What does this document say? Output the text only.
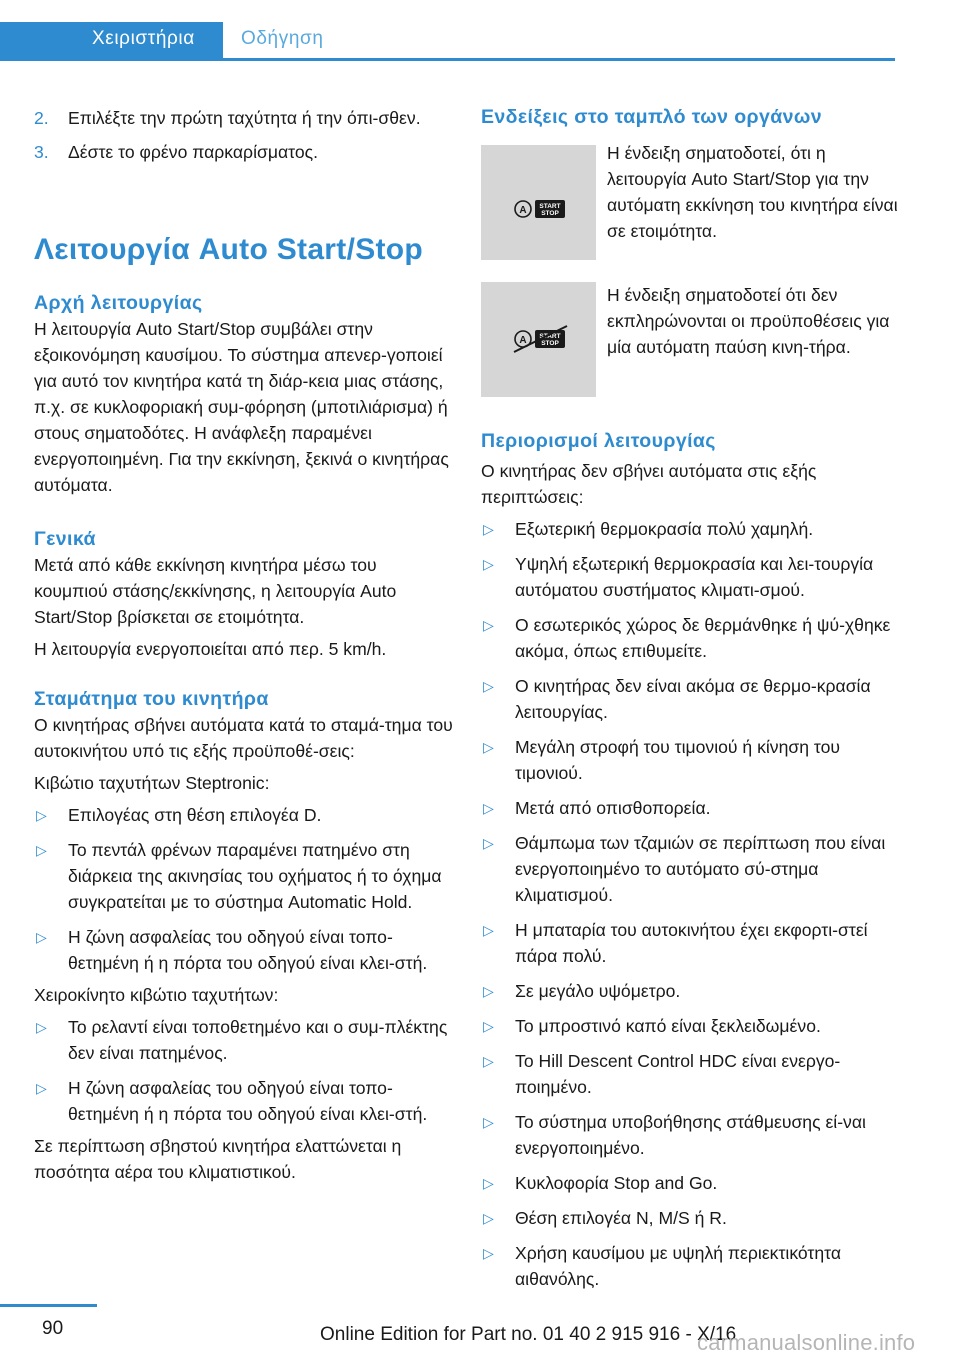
Χειριστήρια	Οδήγηση
2. Επιλέξτε την πρώτη ταχύτητα ή την όπι-σθεν.
3. Δέστε το φρένο παρκαρίσματος.
Λειτουργία Auto Start/Stop
Αρχή λειτουργίας
Η λειτουργία Auto Start/Stop συμβάλει στην εξοικονόμηση καυσίμου. Το σύστημα απενερ-γοποιεί για αυτό τον κινητήρα κατά τη διάρ-κεια μιας στάσης, π.χ. σε κυκλοφοριακή συμ-φόρηση (μποτιλιάρισμα) ή στους σηματοδότες. Η ανάφλεξη παραμένει ενεργοποιημένη. Για την εκκίνηση, ξεκινά ο κινητήρας αυτόματα.
Γενικά
Μετά από κάθε εκκίνηση κινητήρα μέσω του κουμπιού στάσης/εκκίνησης, η λειτουργία Auto Start/Stop βρίσκεται σε ετοιμότητα.
Η λειτουργία ενεργοποιείται από περ. 5 km/h.
Σταμάτημα του κινητήρα
Ο κινητήρας σβήνει αυτόματα κατά το σταμά-τημα του αυτοκινήτου υπό τις εξής προϋποθέ-σεις:
Κιβώτιο ταχυτήτων Steptronic:
▷ Επιλογέας στη θέση επιλογέα D.
▷ Το πεντάλ φρένων παραμένει πατημένο στη διάρκεια της ακινησίας του οχήματος ή το όχημα συγκρατείται με το σύστημα Automatic Hold.
▷ Η ζώνη ασφαλείας του οδηγού είναι τοπο-θετημένη ή η πόρτα του οδηγού είναι κλει-στή.
Χειροκίνητο κιβώτιο ταχυτήτων:
▷ Το ρελαντί είναι τοποθετημένο και ο συμ-πλέκτης δεν είναι πατημένος.
▷ Η ζώνη ασφαλείας του οδηγού είναι τοπο-θετημένη ή η πόρτα του οδηγού είναι κλει-στή.
Σε περίπτωση σβηστού κινητήρα ελαττώνεται η ποσότητα αέρα του κλιματιστικού.
Ενδείξεις στο ταμπλό των οργάνων
A START
STOP
Η ένδειξη σηματοδοτεί, ότι η λειτουργία Auto Start/Stop για την αυτόματη εκκίνηση του κινητήρα είναι σε ετοιμότητα.
A START
STOP
Η ένδειξη σηματοδοτεί ότι δεν εκπληρώνονται οι προϋποθέσεις για μία αυτόματη παύση κινη-τήρα.
Περιορισμοί λειτουργίας
Ο κινητήρας δεν σβήνει αυτόματα στις εξής περιπτώσεις:
▷ Εξωτερική θερμοκρασία πολύ χαμηλή.
▷ Υψηλή εξωτερική θερμοκρασία και λει-τουργία αυτόματου συστήματος κλιματι-σμού.
▷ Ο εσωτερικός χώρος δε θερμάνθηκε ή ψύ-χθηκε ακόμα, όπως επιθυμείτε.
▷ Ο κινητήρας δεν είναι ακόμα σε θερμο-κρασία λειτουργίας.
▷ Μεγάλη στροφή του τιμονιού ή κίνηση του τιμονιού.
▷ Μετά από οπισθοπορεία.
▷ Θάμπωμα των τζαμιών σε περίπτωση που είναι ενεργοποιημένο το αυτόματο σύ-στημα κλιματισμού.
▷ Η μπαταρία του αυτοκινήτου έχει εκφορτι-στεί πάρα πολύ.
▷ Σε μεγάλο υψόμετρο.
▷ Το μπροστινό καπό είναι ξεκλειδωμένο.
▷ Το Hill Descent Control HDC είναι ενεργο-ποιημένο.
▷ Το σύστημα υποβοήθησης στάθμευσης εί-ναι ενεργοποιημένο.
▷ Κυκλοφορία Stop and Go.
▷ Θέση επιλογέα N, M/S ή R.
▷ Χρήση καυσίμου με υψηλή περιεκτικότητα αιθανόλης.
90	Online Edition for Part no. 01 40 2 915 916 - X/16
carmanualsonline.info
